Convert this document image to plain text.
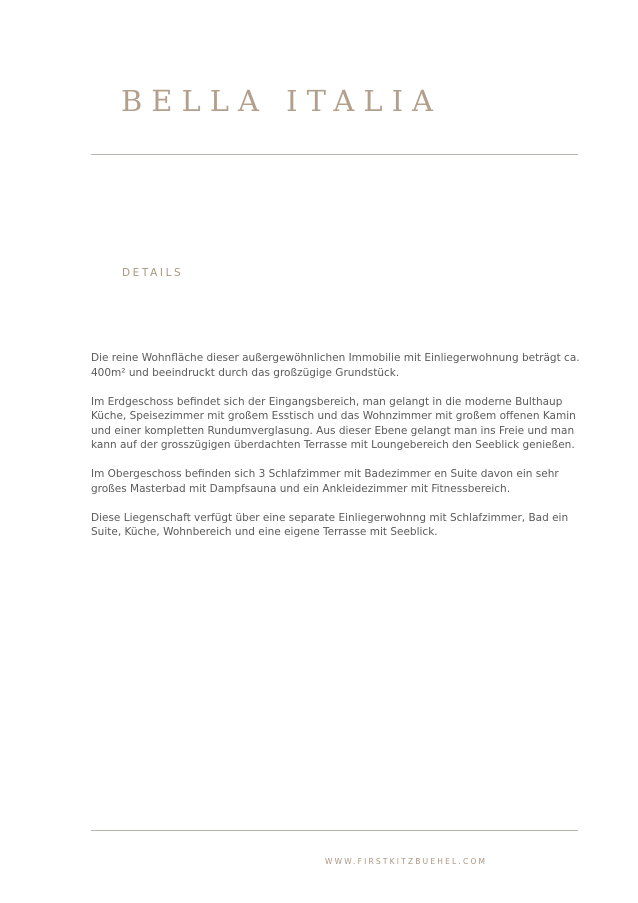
BELLA ITALIA
DETAILS

Die reine Wohnfläche dieser außergewöhnlichen Immobilie mit Einliegerwohnung beträgt ca. 400m² und beeindruckt durch das großzügige Grundstück.

Im Erdgeschoss befindet sich der Eingangsbereich, man gelangt in die moderne Bulthaup Küche, Speisezimmer mit großem Esstisch und das Wohnzimmer mit großem offenen Kamin und einer kompletten Rundumverglasung. Aus dieser Ebene gelangt man ins Freie und man kann auf der grosszügigen überdachten Terrasse mit Loungebereich den Seeblick genießen.

Im Obergeschoss befinden sich 3 Schlafzimmer mit Badezimmer en Suite davon ein sehr großes Masterbad mit Dampfsauna und ein Ankleidezimmer mit Fitnessbereich.

Diese Liegenschaft verfügt über eine separate Einliegerwohnng mit Schlafzimmer, Bad ein Suite, Küche, Wohnbereich und eine eigene Terrasse mit Seeblick.

WWW.FIRSTKITZBUEHEL.COM
